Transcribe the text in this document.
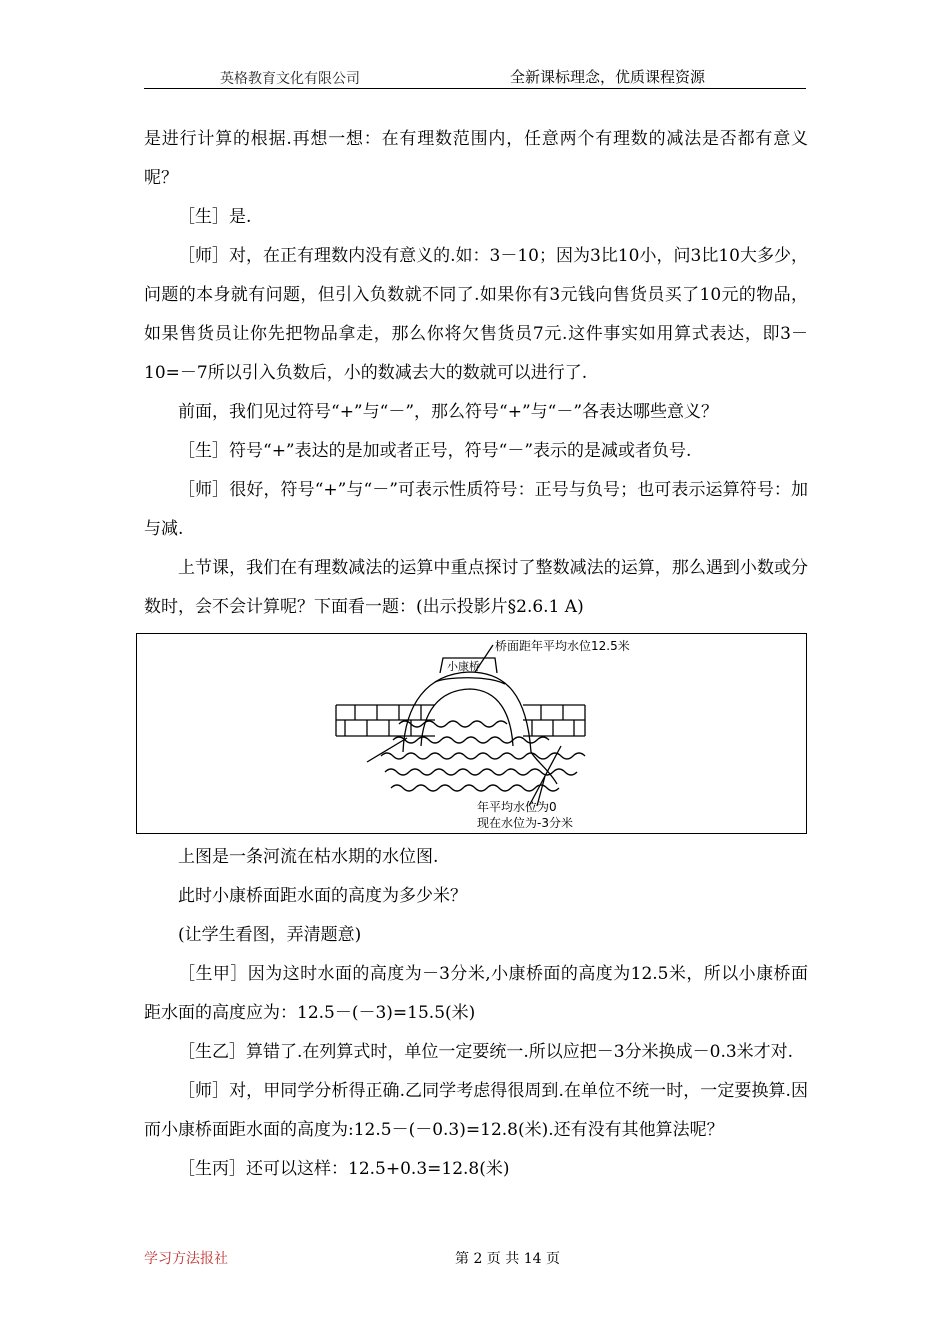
英格教育文化有限公司	全新课标理念，优质课程资源

是进行计算的根据.再想一想：在有理数范围内，任意两个有理数的减法是否都有意义呢？

［生］是.

［师］对，在正有理数内没有意义的.如：3－10；因为3比10小，问3比10大多少，问题的本身就有问题，但引入负数就不同了.如果你有3元钱向售货员买了10元的物品，如果售货员让你先把物品拿走，那么你将欠售货员7元.这件事实如用算式表达，即3－10=－7所以引入负数后，小的数减去大的数就可以进行了.

前面，我们见过符号“+”与“－”，那么符号“+”与“－”各表达哪些意义？

［生］符号“+”表达的是加或者正号，符号“－”表示的是减或者负号.

［师］很好，符号“+”与“－”可表示性质符号：正号与负号；也可表示运算符号：加与减.

上节课，我们在有理数减法的运算中重点探讨了整数减法的运算，那么遇到小数或分数时，会不会计算呢？下面看一题：(出示投影片§2.6.1 A)

桥面距年平均水位12.5米
小康桥
年平均水位为0
现在水位为-3分米

上图是一条河流在枯水期的水位图.

此时小康桥面距水面的高度为多少米？

(让学生看图，弄清题意)

［生甲］因为这时水面的高度为－3分米,小康桥面的高度为12.5米，所以小康桥面距水面的高度应为：12.5－(－3)=15.5(米)

［生乙］算错了.在列算式时，单位一定要统一.所以应把－3分米换成－0.3米才对.

［师］对，甲同学分析得正确.乙同学考虑得很周到.在单位不统一时，一定要换算.因而小康桥面距水面的高度为:12.5－(－0.3)=12.8(米).还有没有其他算法呢？

［生丙］还可以这样：12.5+0.3=12.8(米)

学习方法报社	第 2 页 共 14 页
